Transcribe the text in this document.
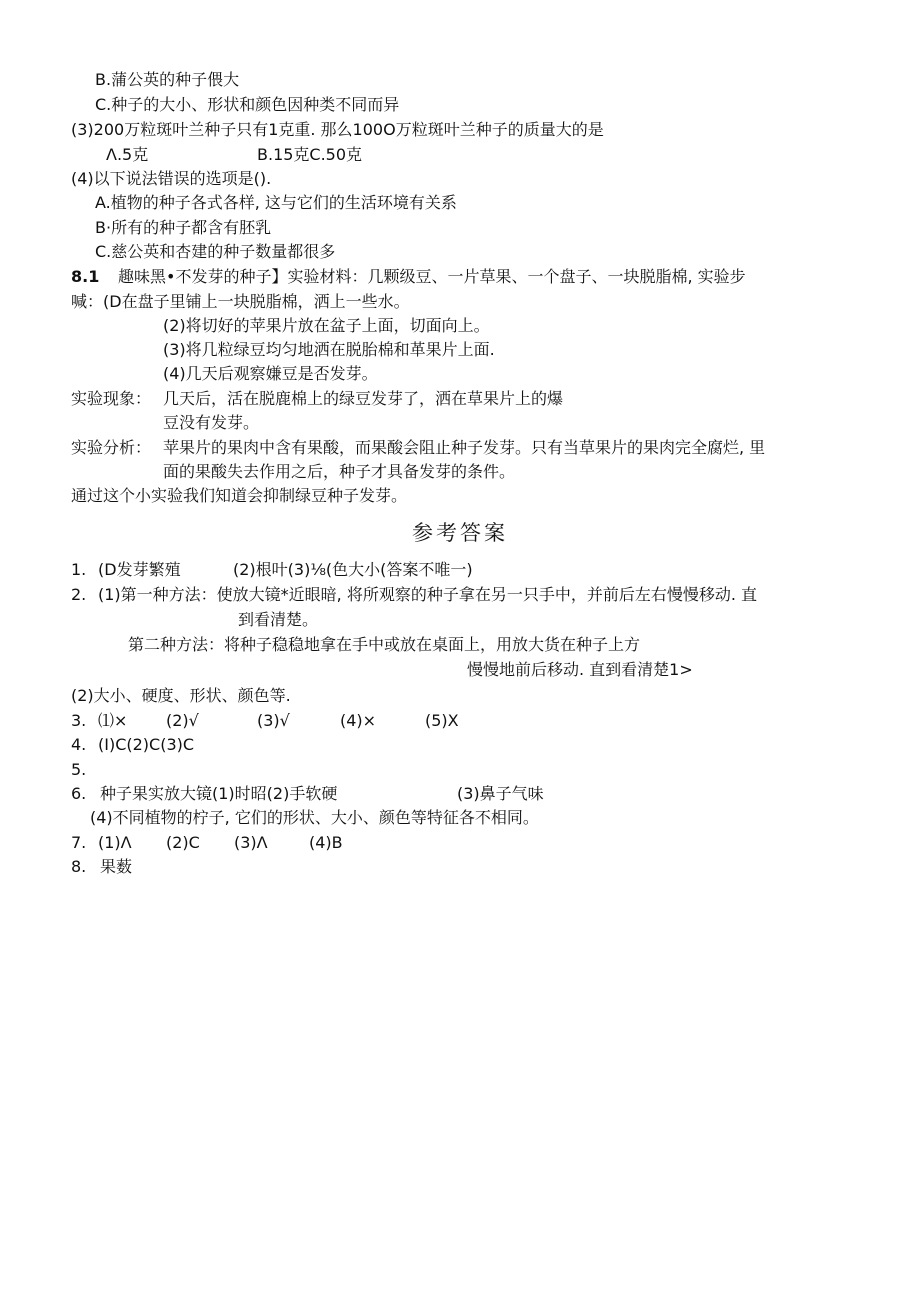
B.蒲公英的种子偎大
C.种子的大小、形状和颜色因种类不同而异
(3)200万粒斑叶兰种子只有1克重. 那么100O万粒斑叶兰种子的质量大的是
Λ.5克	B.15克C.50克
(4)以下说法错误的选项是().
A.植物的种子各式各样, 这与它们的生活环境有关系
B·所有的种子都含有胚乳
C.慈公英和杏建的种子数量都很多
8.1 趣味黑•不发芽的种子】实验材料：几颗级豆、一片草果、一个盘子、一块脱脂棉, 实验步
喊：(D在盘子里铺上一块脱脂棉，洒上一些水。
(2)将切好的苹果片放在盆子上面，切面向上。
(3)将几粒绿豆均匀地洒在脱胎棉和革果片上面.
(4)几天后观察嫌豆是否发芽。
实验现象： 几天后，活在脱鹿棉上的绿豆发芽了，洒在草果片上的爆
豆没有发芽。
实验分析： 苹果片的果肉中含有果酸，而果酸会阻止种子发芽。只有当草果片的果肉完全腐烂, 里
面的果酸失去作用之后，种子才具备发芽的条件。
通过这个小实验我们知道会抑制绿豆种子发芽。
参考答案
1. (D发芽繁殖	(2)根叶(3)⅛(色大小(答案不唯一)
2. (1)第一种方法：使放大镜*近眼暗, 将所观察的种子拿在另一只手中，并前后左右慢慢移动. 直
到看清楚。
第二种方法：将种子稳稳地拿在手中或放在桌面上，用放大货在种子上方
慢慢地前后移动. 直到看清楚1>
(2)大小、硬度、形状、颜色等.
3. ⑴× (2)√	(3)√	(4)×	(5)X
4. (I)C(2)C(3)C
5.
6. 种子果实放大镜(1)时昭(2)手软硬	(3)鼻子气味
(4)不同植物的柠子, 它们的形状、大小、颜色等特征各不相同。
7. (1)Λ (2)C (3)Λ	(4)B
8. 果薮
